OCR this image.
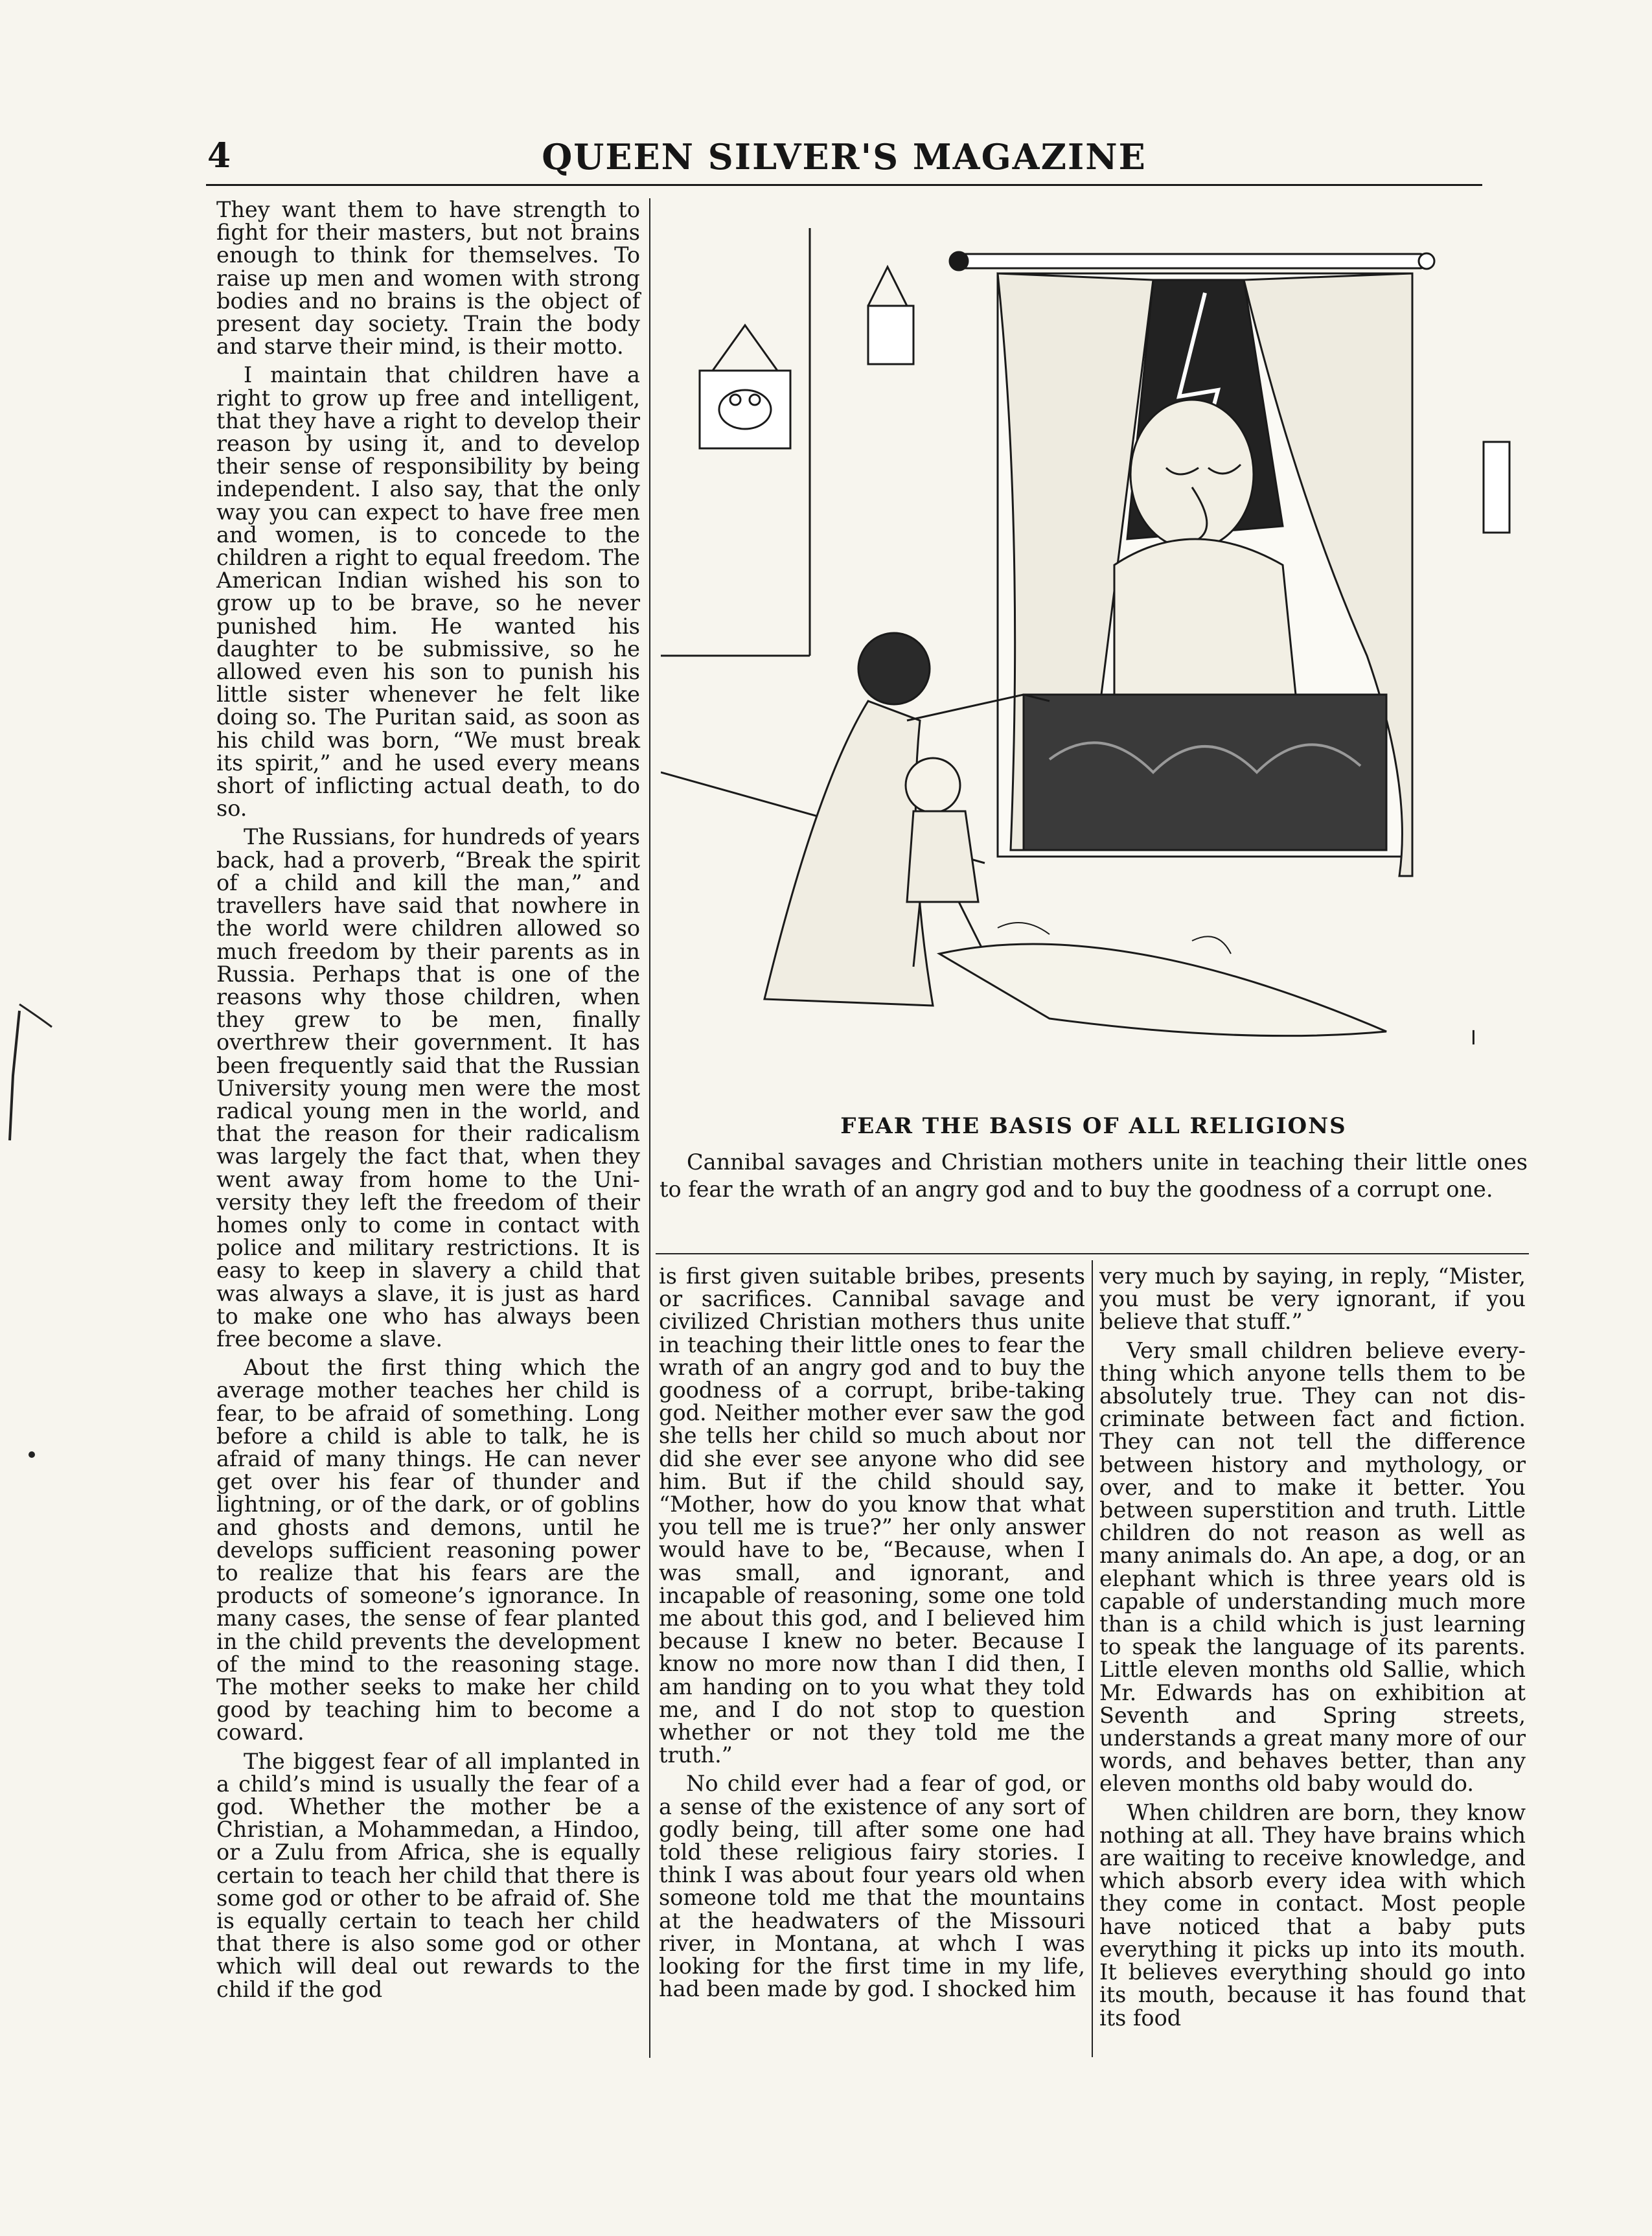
4	QUEEN SILVER'S MAGAZINE

They want them to have strength to fight for their masters, but not brains enough to think for themselves. To raise up men and women with strong bodies and no brains is the object of present day society. Train the body and starve their mind, is their motto.

I maintain that children have a right to grow up free and intelligent, that they have a right to develop their reason by using it, and to develop their sense of responsibility by being independent. I also say, that the only way you can expect to have free men and women, is to concede to the children a right to equal freedom. The American Indian wished his son to grow up to be brave, so he never punished him. He wanted his daughter to be submissive, so he allowed even his son to punish his little sister whenever he felt like doing so. The Puritan said, as soon as his child was born, “We must break its spirit,” and he used every means short of inflicting actual death, to do so.

The Russians, for hundreds of years back, had a proverb, “Break the spirit of a child and kill the man,” and travellers have said that nowhere in the world were children allowed so much freedom by their parents as in Russia. Perhaps that is one of the reasons why those children, when they grew to be men, finally overthrew their government. It has been frequently said that the Russian University young men were the most radical young men in the world, and that the reason for their radicalism was largely the fact that, when they went away from home to the University they left the freedom of their homes only to come in contact with police and military restrictions. It is easy to keep in slavery a child that was always a slave, it is just as hard to make one who has always been free become a slave.

About the first thing which the average mother teaches her child is fear, to be afraid of something. Long before a child is able to talk, he is afraid of many things. He can never get over his fear of thunder and lightning, or of the dark, or of goblins and ghosts and demons, until he develops sufficient reasoning power to realize that his fears are the products of someone’s ignorance. In many cases, the sense of fear planted in the child prevents the development of the mind to the reasoning stage. The mother seeks to make her child good by teaching him to become a coward.

The biggest fear of all implanted in a child’s mind is usually the fear of a god. Whether the mother be a Christian, a Mohammedan, a Hindoo, or a Zulu from Africa, she is equally certain to teach her child that there is some god or other to be afraid of. She is equally certain to teach her child that there is also some god or other which will deal out rewards to the child if the god

I
FEAR THE BASIS OF ALL RELIGIONS
Cannibal savages and Christian mothers unite in teaching their little ones to fear the wrath of an angry god and to buy the goodness of a corrupt one.

is first given suitable bribes, presents or sacrifices. Cannibal savage and civilized Christian mothers thus unite in teaching their little ones to fear the wrath of an angry god and to buy the goodness of a corrupt, bribe-taking god. Neither mother ever saw the god she tells her child so much about nor did she ever see anyone who did see him. But if the child should say, “Mother, how do you know that what you tell me is true?” her only answer would have to be, “Because, when I was small, and ignorant, and incapable of reasoning, some one told me about this god, and I believed him because I knew no beter. Because I know no more now than I did then, I am handing on to you what they told me, and I do not stop to question whether or not they told me the truth.”

No child ever had a fear of god, or a sense of the existence of any sort of godly being, till after some one had told these religious fairy stories. I think I was about four years old when someone told me that the mountains at the headwaters of the Missouri river, in Montana, at whch I was looking for the first time in my life, had been made by god. I shocked him

very much by saying, in reply, “Mister, you must be very ignorant, if you believe that stuff.”

Very small children believe everything which anyone tells them to be absolutely true. They can not discriminate between fact and fiction. They can not tell the difference between history and mythology, or over, and to make it better. You between superstition and truth. Little children do not reason as well as many animals do. An ape, a dog, or an elephant which is three years old is capable of understanding much more than is a child which is just learning to speak the language of its parents. Little eleven months old Sallie, which Mr. Edwards has on exhibition at Seventh and Spring streets, understands a great many more of our words, and behaves better, than any eleven months old baby would do.

When children are born, they know nothing at all. They have brains which are waiting to receive knowledge, and which absorb every idea with which they come in contact. Most people have noticed that a baby puts everything it picks up into its mouth. It believes everything should go into its mouth, because it has found that its food
